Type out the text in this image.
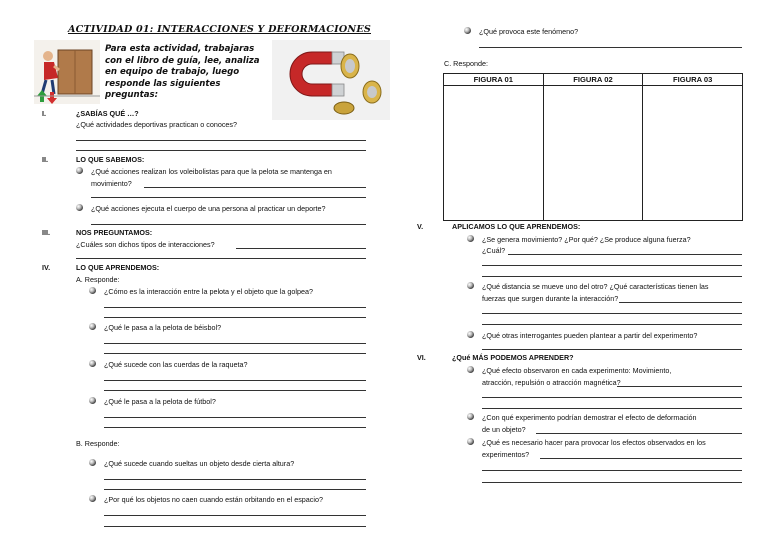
ACTIVIDAD 01: INTERACCIONES Y DEFORMACIONES
Para esta actividad, trabajaras con el libro de guía, lee, analiza en equipo de trabajo, luego responde las siguientes preguntas:
I.	¿SABÍAS QUÉ …?
¿Qué actividades deportivas practican o conoces?
II.	LO QUE SABEMOS:
¿Qué acciones realizan los voleibolistas para que la pelota se mantenga en
movimiento?
¿Qué acciones ejecuta el cuerpo de una persona al practicar un deporte?
III.	NOS PREGUNTAMOS:
¿Cuáles son dichos tipos de interacciones?
IV.	LO QUE APRENDEMOS:
A. Responde:
¿Cómo es la interacción entre la pelota y el objeto que la golpea?
¿Qué le pasa a la pelota de béisbol?
¿Qué sucede con las cuerdas de la raqueta?
¿Qué le pasa a la pelota de fútbol?
B. Responde:
¿Qué sucede cuando sueltas un objeto desde cierta altura?
¿Por qué los objetos no caen cuando están orbitando en el espacio?
¿Qué provoca este fenómeno?
C. Responde:
FIGURA 01	FIGURA 02	FIGURA 03

V.	APLICAMOS LO QUE APRENDEMOS:
¿Se genera movimiento? ¿Por qué? ¿Se produce alguna fuerza?
¿Cuál?
¿Qué distancia se mueve uno del otro? ¿Qué características tienen las
fuerzas que surgen durante la interacción?
¿Qué otras interrogantes pueden plantear a partir del experimento?
VI.	¿Qué MÁS PODEMOS APRENDER?
¿Qué efecto observaron en cada experimento: Movimiento,
atracción, repulsión o atracción magnética?
¿Con qué experimento podrían demostrar el efecto de deformación
de un objeto?
¿Qué es necesario hacer para provocar los efectos observados en los
experimentos?
